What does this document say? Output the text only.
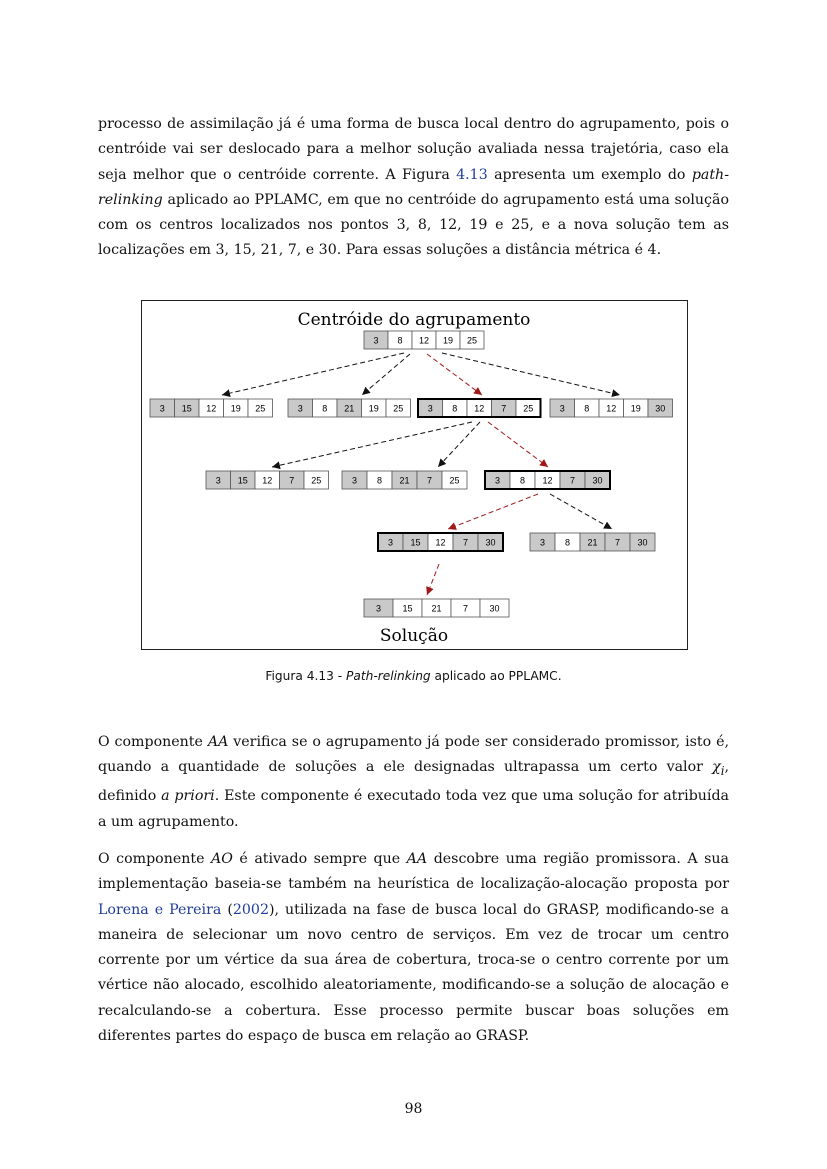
processo de assimilação já é uma forma de busca local dentro do agrupamento, pois o centróide vai ser deslocado para a melhor solução avaliada nessa trajetória, caso ela seja melhor que o centróide corrente. A Figura 4.13 apresenta um exemplo do path-relinking aplicado ao PPLAMC, em que no centróide do agrupamento está uma solução com os centros localizados nos pontos 3, 8, 12, 19 e 25, e a nova solução tem as localizações em 3, 15, 21, 7, e 30. Para essas soluções a distância métrica é 4.

Centróide do agrupamento
3 8 12 19 25
3 15 12 19 25	3 8 21 19 25	3 8 12 7 25	3 8 12 19 30
3 15 12 7 25	3 8 21 7 25	3 8 12 7 30
3 15 12 7 30	3 8 21 7 30
3 15 21 7 30
Solução
Figura 4.13 - Path-relinking aplicado ao PPLAMC.

O componente AA verifica se o agrupamento já pode ser considerado promissor, isto é, quando a quantidade de soluções a ele designadas ultrapassa um certo valor $\chi_i$, definido a priori. Este componente é executado toda vez que uma solução for atribuída a um agrupamento.

O componente AO é ativado sempre que AA descobre uma região promissora. A sua implementação baseia-se também na heurística de localização-alocação proposta por Lorena e Pereira (2002), utilizada na fase de busca local do GRASP, modificando-se a maneira de selecionar um novo centro de serviços. Em vez de trocar um centro corrente por um vértice da sua área de cobertura, troca-se o centro corrente por um vértice não alocado, escolhido aleatoriamente, modificando-se a solução de alocação e recalculando-se a cobertura. Esse processo permite buscar boas soluções em diferentes partes do espaço de busca em relação ao GRASP.

98
